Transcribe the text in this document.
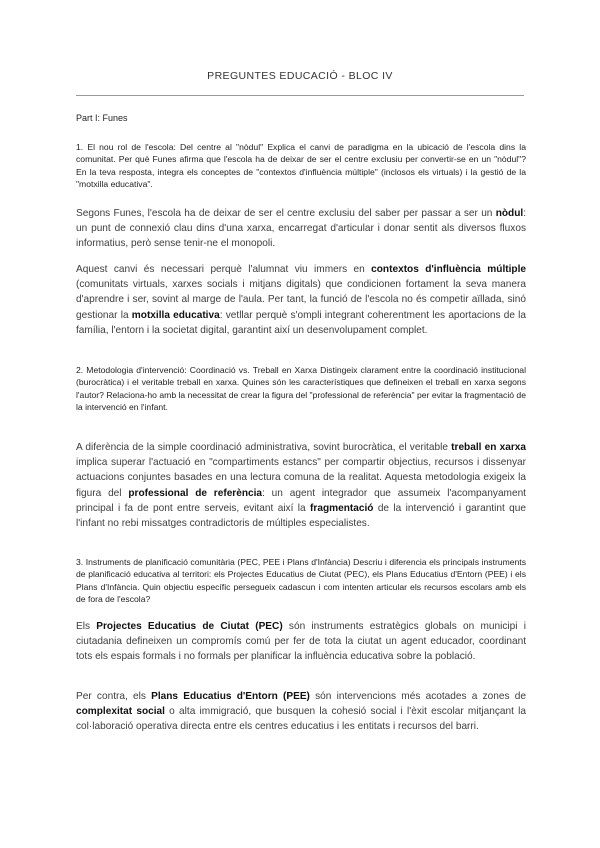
PREGUNTES EDUCACIÓ - BLOC IV
Part I: Funes
1. El nou rol de l'escola: Del centre al "nòdul" Explica el canvi de paradigma en la ubicació de l'escola dins la comunitat. Per què Funes afirma que l'escola ha de deixar de ser el centre exclusiu per convertir-se en un "nòdul"? En la teva resposta, integra els conceptes de "contextos d'influència múltiple" (inclosos els virtuals) i la gestió de la "motxilla educativa".
Segons Funes, l'escola ha de deixar de ser el centre exclusiu del saber per passar a ser un nòdul: un punt de connexió clau dins d'una xarxa, encarregat d'articular i donar sentit als diversos fluxos informatius, però sense tenir-ne el monopoli.
Aquest canvi és necessari perquè l'alumnat viu immers en contextos d'influència múltiple (comunitats virtuals, xarxes socials i mitjans digitals) que condicionen fortament la seva manera d'aprendre i ser, sovint al marge de l'aula. Per tant, la funció de l'escola no és competir aïllada, sinó gestionar la motxilla educativa: vetllar perquè s'ompli integrant coherentment les aportacions de la família, l'entorn i la societat digital, garantint així un desenvolupament complet.
2. Metodologia d'intervenció: Coordinació vs. Treball en Xarxa Distingeix clarament entre la coordinació institucional (burocràtica) i el veritable treball en xarxa. Quines són les característiques que defineixen el treball en xarxa segons l'autor? Relaciona-ho amb la necessitat de crear la figura del "professional de referència" per evitar la fragmentació de la intervenció en l'infant.
A diferència de la simple coordinació administrativa, sovint burocràtica, el veritable treball en xarxa implica superar l'actuació en "compartiments estancs" per compartir objectius, recursos i dissenyar actuacions conjuntes basades en una lectura comuna de la realitat. Aquesta metodologia exigeix la figura del professional de referència: un agent integrador que assumeix l'acompanyament principal i fa de pont entre serveis, evitant així la fragmentació de la intervenció i garantint que l'infant no rebi missatges contradictoris de múltiples especialistes.
3. Instruments de planificació comunitària (PEC, PEE i Plans d'Infància) Descriu i diferencia els principals instruments de planificació educativa al territori: els Projectes Educatius de Ciutat (PEC), els Plans Educatius d'Entorn (PEE) i els Plans d'Infància. Quin objectiu específic persegueix cadascun i com intenten articular els recursos escolars amb els de fora de l'escola?
Els Projectes Educatius de Ciutat (PEC) són instruments estratègics globals on municipi i ciutadania defineixen un compromís comú per fer de tota la ciutat un agent educador, coordinant tots els espais formals i no formals per planificar la influència educativa sobre la població.
Per contra, els Plans Educatius d'Entorn (PEE) són intervencions més acotades a zones de complexitat social o alta immigració, que busquen la cohesió social i l'èxit escolar mitjançant la col·laboració operativa directa entre els centres educatius i les entitats i recursos del barri.
